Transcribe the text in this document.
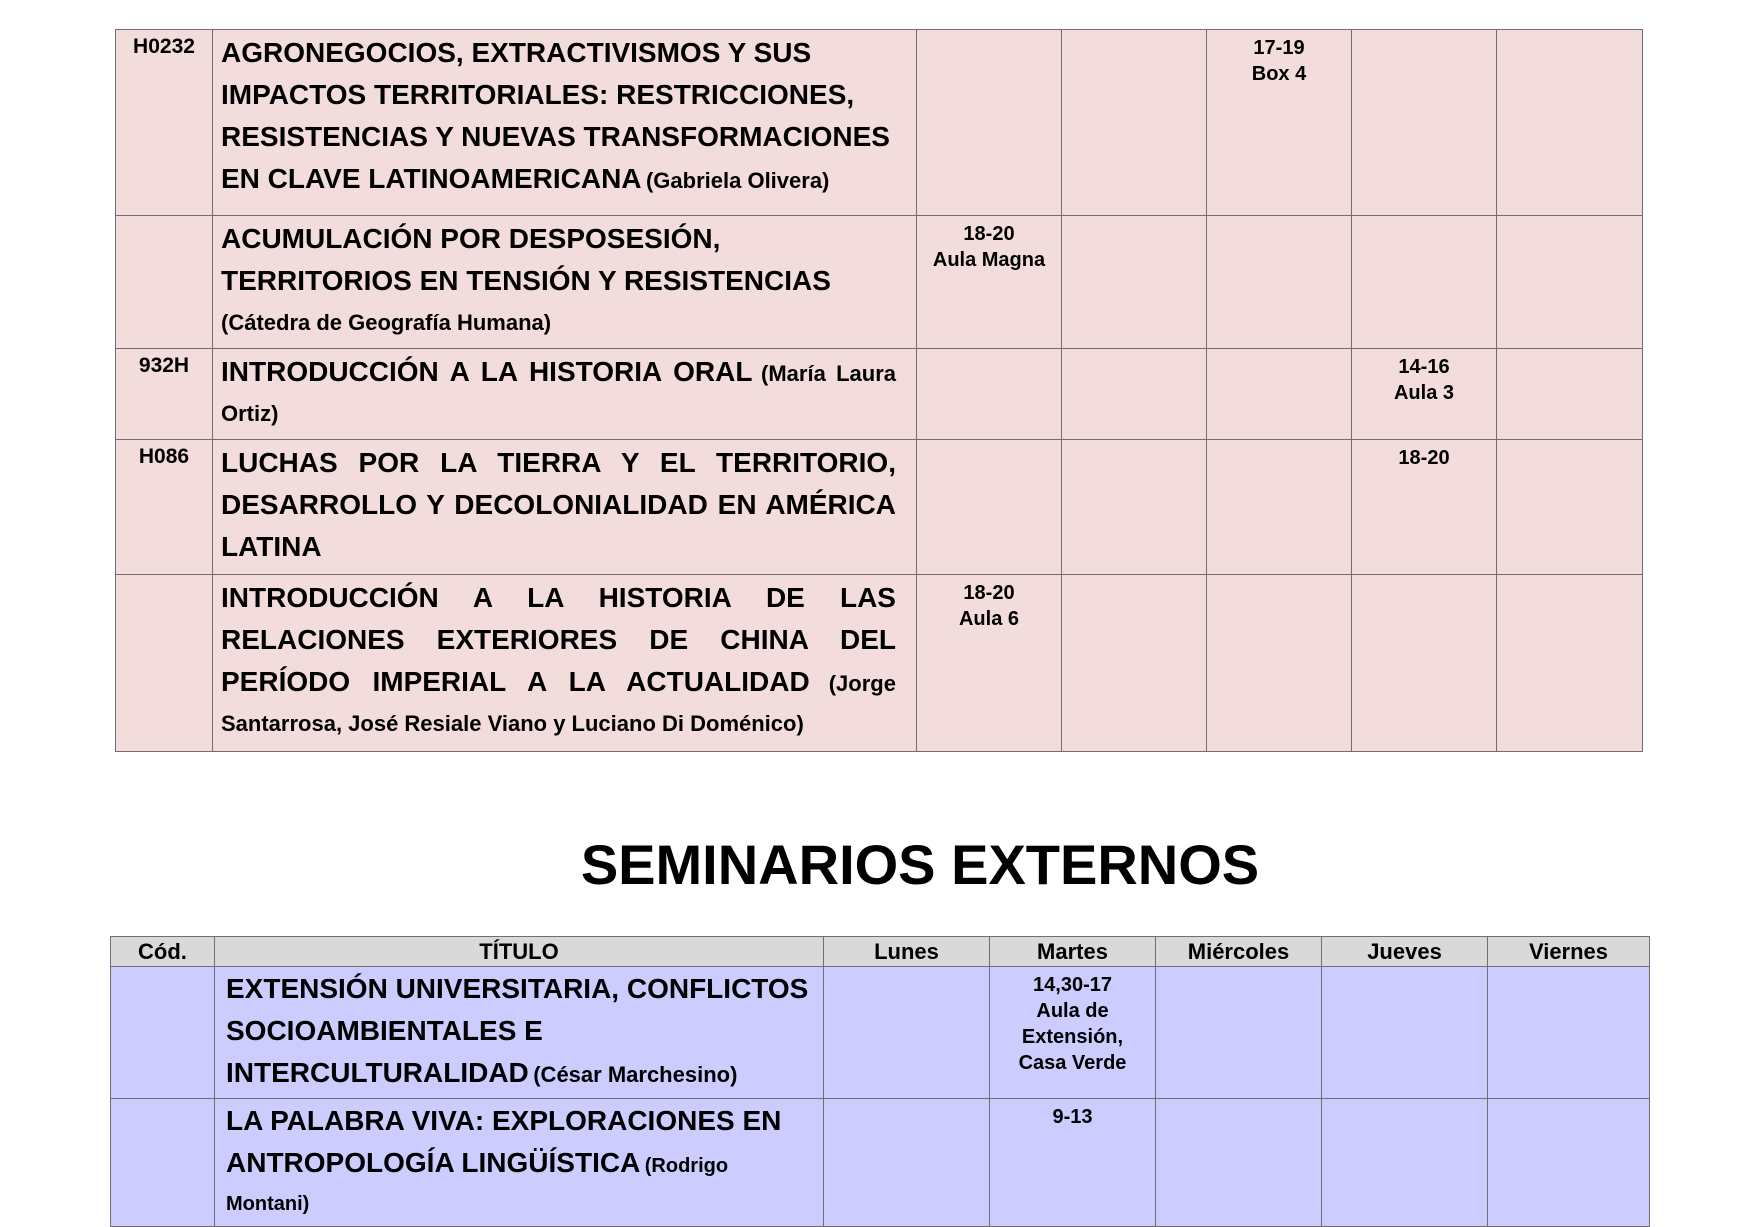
H0232	AGRONEGOCIOS, EXTRACTIVISMOS Y SUS IMPACTOS TERRITORIALES: RESTRICCIONES, RESISTENCIAS Y NUEVAS TRANSFORMACIONES EN CLAVE LATINOAMERICANA (Gabriela Olivera)			17-19
Box 4		

	ACUMULACIÓN POR DESPOSESIÓN, TERRITORIOS EN TENSIÓN Y RESISTENCIAS
(Cátedra de Geografía Humana)	18-20
Aula Magna				

932H	INTRODUCCIÓN A LA HISTORIA ORAL (María Laura Ortiz)				14-16
Aula 3	

H086	LUCHAS POR LA TIERRA Y EL TERRITORIO, DESARROLLO Y DECOLONIALIDAD EN AMÉRICA LATINA				18-20	

	INTRODUCCIÓN A LA HISTORIA DE LAS RELACIONES EXTERIORES DE CHINA DEL PERÍODO IMPERIAL A LA ACTUALIDAD (Jorge Santarrosa, José Resiale Viano y Luciano Di Doménico)	18-20
Aula 6				

SEMINARIOS EXTERNOS
Cód.	TÍTULO	Lunes	Martes	Miércoles	Jueves	Viernes
	EXTENSIÓN UNIVERSITARIA, CONFLICTOS SOCIOAMBIENTALES E INTERCULTURALIDAD (César Marchesino)		14,30-17
Aula de
Extensión,
Casa Verde			

	LA PALABRA VIVA: EXPLORACIONES EN ANTROPOLOGÍA LINGÜÍSTICA (Rodrigo Montani)		9-13			
